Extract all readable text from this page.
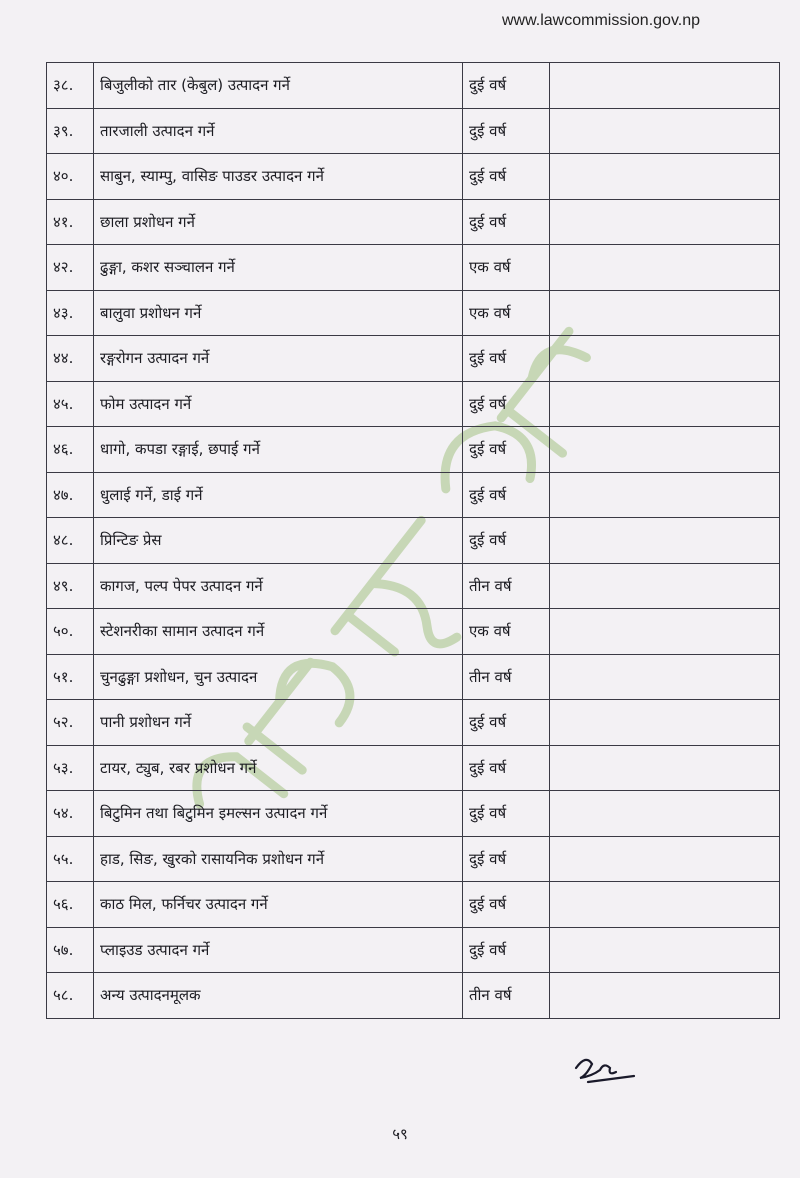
www.lawcommission.gov.np
३८.	बिजुलीको तार (केबुल) उत्पादन गर्ने	दुई वर्ष	
३९.	तारजाली उत्पादन गर्ने	दुई वर्ष	
४०.	साबुन, स्याम्पु, वासिङ पाउडर उत्पादन गर्ने	दुई वर्ष	
४१.	छाला प्रशोधन गर्ने	दुई वर्ष	
४२.	ढुङ्गा, कशर सञ्चालन गर्ने	एक वर्ष	
४३.	बालुवा प्रशोधन गर्ने	एक वर्ष	
४४.	रङ्गरोगन उत्पादन गर्ने	दुई वर्ष	
४५.	फोम उत्पादन गर्ने	दुई वर्ष	
४६.	धागो, कपडा रङ्गाई, छपाई गर्ने	दुई वर्ष	
४७.	धुलाई गर्ने, डाई गर्ने	दुई वर्ष	
४८.	प्रिन्टिङ प्रेस	दुई वर्ष	
४९.	कागज, पल्प पेपर उत्पादन गर्ने	तीन वर्ष	
५०.	स्टेशनरीका सामान उत्पादन गर्ने	एक वर्ष	
५१.	चुनढुङ्गा प्रशोधन, चुन उत्पादन	तीन वर्ष	
५२.	पानी प्रशोधन गर्ने	दुई वर्ष	
५३.	टायर, ट्युब, रबर प्रशोधन गर्ने	दुई वर्ष	
५४.	बिटुमिन तथा बिटुमिन इमल्सन उत्पादन गर्ने	दुई वर्ष	
५५.	हाड, सिङ, खुरको रासायनिक प्रशोधन गर्ने	दुई वर्ष	
५६.	काठ मिल, फर्निचर उत्पादन गर्ने	दुई वर्ष	
५७.	प्लाइउड उत्पादन गर्ने	दुई वर्ष	
५८.	अन्य उत्पादनमूलक	तीन वर्ष	
५९
